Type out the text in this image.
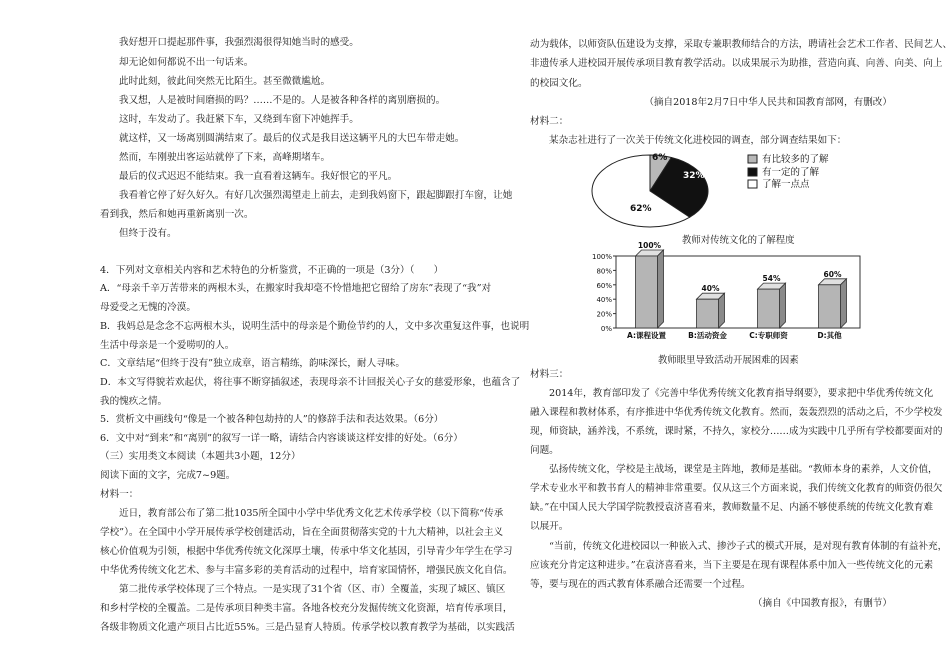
我好想开口提起那件事，我强烈渴很得知她当时的感受。

却无论如何都说不出一句话来。

此时此刻，彼此间突然无比陌生。甚至微微尴尬。

我又想，人是被时间磨损的吗？……不是的。人是被各种各样的离别磨损的。

这时，车发动了。我赶紧下车，又绕到车窗下冲她挥手。

就这样，又一场离别圆满结束了。最后的仪式是我目送这辆平凡的大巴车带走她。

然而，车刚驶出客运站就停了下来，高峰期堵车。

最后的仪式迟迟不能结束。我一直看着这辆车。我好恨它的平凡。

我看着它停了好久好久。有好几次强烈渴望走上前去，走到我妈窗下，跟起脚跟打车窗，让她

看到我，然后和她再重新离别一次。

但终于没有。

4．下列对文章相关内容和艺术特色的分析鉴赏，不正确的一项是（3分）（　　）

A．“母亲千辛万苦带来的两根木头，在搬家时我却毫不怜惜地把它留给了房东”表现了“我”对

母爱受之无愧的冷漠。

B．我妈总是念念不忘两根木头，说明生活中的母亲是个勤俭节约的人，文中多次重复这件事，也说明

生活中母亲是一个爱唠叨的人。

C．文章结尾“但终于没有”独立成章，语言精练，韵味深长，耐人寻味。

D．本文写得貌若欢起伏，将往事不断穿插叙述，表现母亲不计回报关心子女的慈爱形象，也蕴含了

我的愧疚之情。

5．赏析文中画线句“像是一个被各种包劫持的人”的修辞手法和表达效果。（6分）

6．文中对“到来”和“离别”的叙写一详一略，请结合内容谈谈这样安排的好处。（6分）

（三）实用类文本阅读（本题共3小题，12分）

阅读下面的文字，完成7~9题。

材料一：

近日，教育部公布了第二批1035所全国中小学中华优秀文化艺术传承学校（以下简称“传承

学校”）。在全国中小学开展传承学校创建活动，旨在全面贯彻落实党的十九大精神，以社会主义

核心价值观为引领，根据中华优秀传统文化深厚土壤，传承中华文化基因，引导青少年学生在学习

中华优秀传统文化艺术、参与丰富多彩的美育活动的过程中，培育家国情怀，增强民族文化自信。

第二批传承学校体现了三个特点。一是实现了31个省（区、市）全覆盖，实现了城区、镇区

和乡村学校的全覆盖。二是传承项目种类丰富。各地各校充分发掘传统文化资源，培育传承项目，

各级非物质文化遗产项目占比近55%。三是凸显育人特质。传承学校以教育教学为基础，以实践活

动为载体，以师资队伍建设为支撑，采取专兼职教师结合的方法，聘请社会艺术工作者、民间艺人、

非遗传承人进校园开展传承项目教育教学活动。以成果展示为助推，营造向真、向善、向美、向上

的校园文化。

（摘自2018年2月7日中华人民共和国教育部网，有删改）

材料二：

某杂志社进行了一次关于传统文化进校园的调查，部分调查结果如下：

6%
32%
62%
有比较多的了解
有一定的了解
了解一点点
教师对传统文化的了解程度
0%
20%
40%
60%
80%
100%
100%
A:课程设置
40%
B:活动资金
54%
C:专职师资
60%
D:其他
教师眼里导致活动开展困难的因素

材料三：

2014年，教育部印发了《完善中华优秀传统文化教育指导纲要》，要求把中华优秀传统文化

融入课程和教材体系，有序推进中华优秀传统文化教育。然而，轰轰烈烈的活动之后，不少学校发

现，师资缺，涵养浅，不系统，课时紧，不持久，家校分……成为实践中几乎所有学校都要面对的

问题。

弘扬传统文化，学校是主战场，课堂是主阵地，教师是基础。“教师本身的素养，人文价值，

学术专业水平和教书育人的精神非常重要。仅从这三个方面来说，我们传统文化教育的师资仍很欠

缺。”在中国人民大学国学院教授袁济喜看来，教师数量不足、内涵不够使系统的传统文化教育难

以展开。

“当前，传统文化进校园以一种嵌入式、掺沙子式的模式开展，是对现有教育体制的有益补充，

应该充分肯定这种进步。”在袁济喜看来，当下主要是在现有课程体系中加入一些传统文化的元素

等，要与现在的西式教育体系融合还需要一个过程。

（摘自《中国教育报》，有删节）
